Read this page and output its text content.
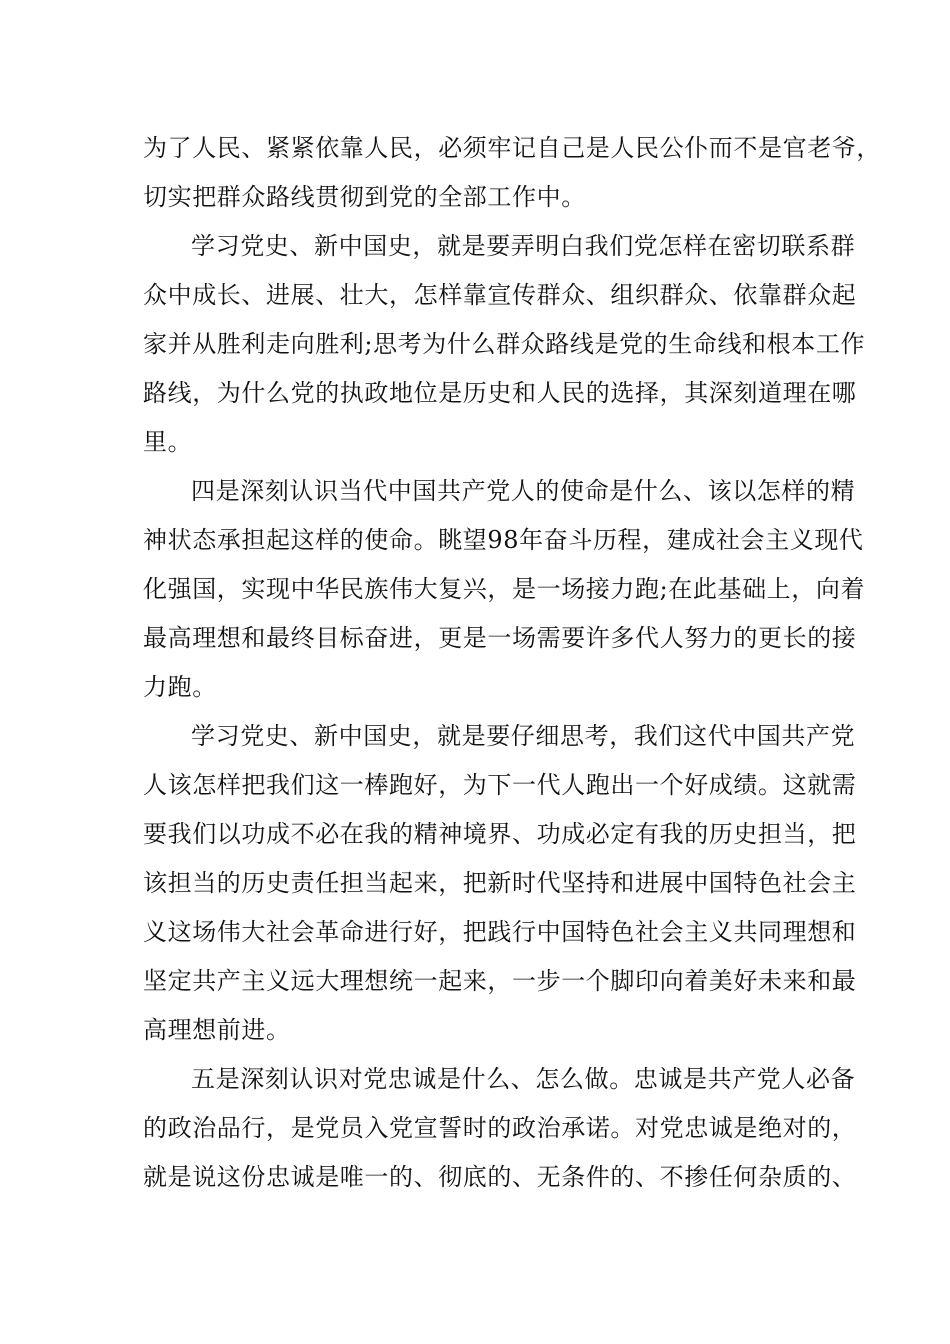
为了人民、紧紧依靠人民，必须牢记自己是人民公仆而不是官老爷，
切实把群众路线贯彻到党的全部工作中。
学习党史、新中国史，就是要弄明白我们党怎样在密切联系群
众中成长、进展、壮大，怎样靠宣传群众、组织群众、依靠群众起
家并从胜利走向胜利;思考为什么群众路线是党的生命线和根本工作
路线，为什么党的执政地位是历史和人民的选择，其深刻道理在哪
里。
四是深刻认识当代中国共产党人的使命是什么、该以怎样的精
神状态承担起这样的使命。眺望98年奋斗历程，建成社会主义现代
化强国，实现中华民族伟大复兴，是一场接力跑;在此基础上，向着
最高理想和最终目标奋进，更是一场需要许多代人努力的更长的接
力跑。
学习党史、新中国史，就是要仔细思考，我们这代中国共产党
人该怎样把我们这一棒跑好，为下一代人跑出一个好成绩。这就需
要我们以功成不必在我的精神境界、功成必定有我的历史担当，把
该担当的历史责任担当起来，把新时代坚持和进展中国特色社会主
义这场伟大社会革命进行好，把践行中国特色社会主义共同理想和
坚定共产主义远大理想统一起来，一步一个脚印向着美好未来和最
高理想前进。
五是深刻认识对党忠诚是什么、怎么做。忠诚是共产党人必备
的政治品行，是党员入党宣誓时的政治承诺。对党忠诚是绝对的，
就是说这份忠诚是唯一的、彻底的、无条件的、不掺任何杂质的、
